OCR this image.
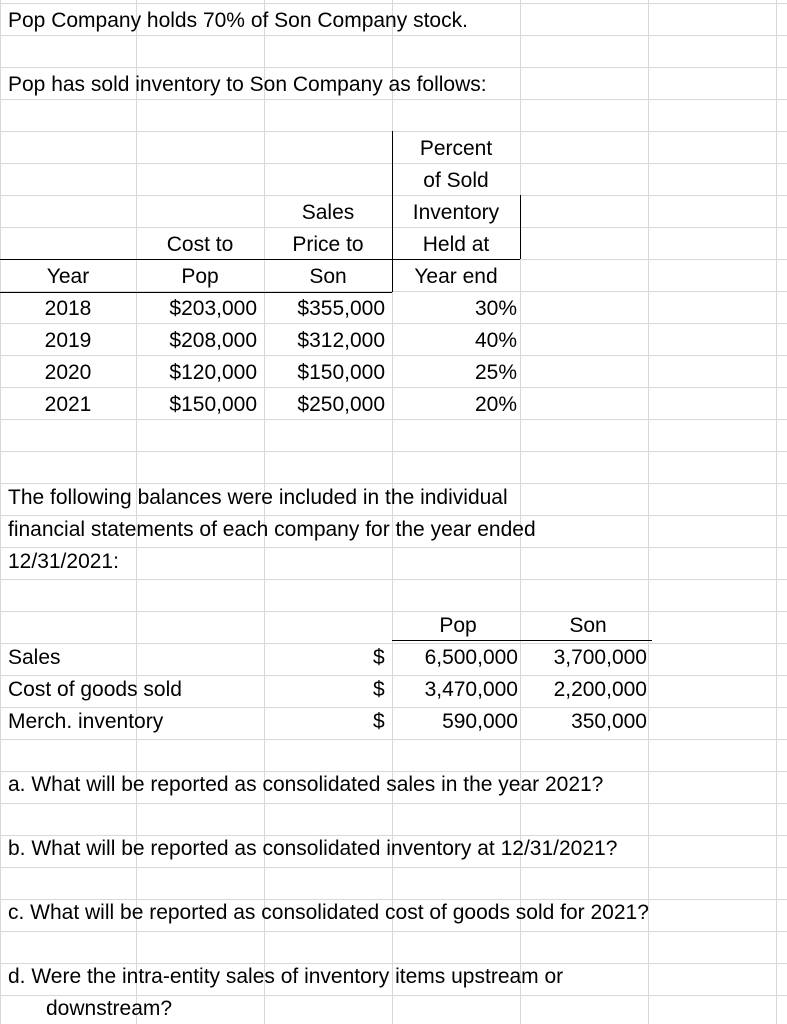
Pop Company holds 70% of Son Company stock.
Pop has sold inventory to Son Company as follows:
Percent
of Sold
Sales	Inventory
Cost to	Price to	Held at
Year	Pop	Son	Year end
2018	$203,000	$355,000	30%
2019	$208,000	$312,000	40%
2020	$120,000	$150,000	25%
2021	$150,000	$250,000	20%
The following balances were included in the individual
financial statements of each company for the year ended
12/31/2021:
Pop	Son
Sales	$	6,500,000	3,700,000
Cost of goods sold	$	3,470,000	2,200,000
Merch. inventory	$	590,000	350,000
a. What will be reported as consolidated sales in the year 2021?
b. What will be reported as consolidated inventory at 12/31/2021?
c. What will be reported as consolidated cost of goods sold for 2021?
d. Were the intra-entity sales of inventory items upstream or
downstream?
